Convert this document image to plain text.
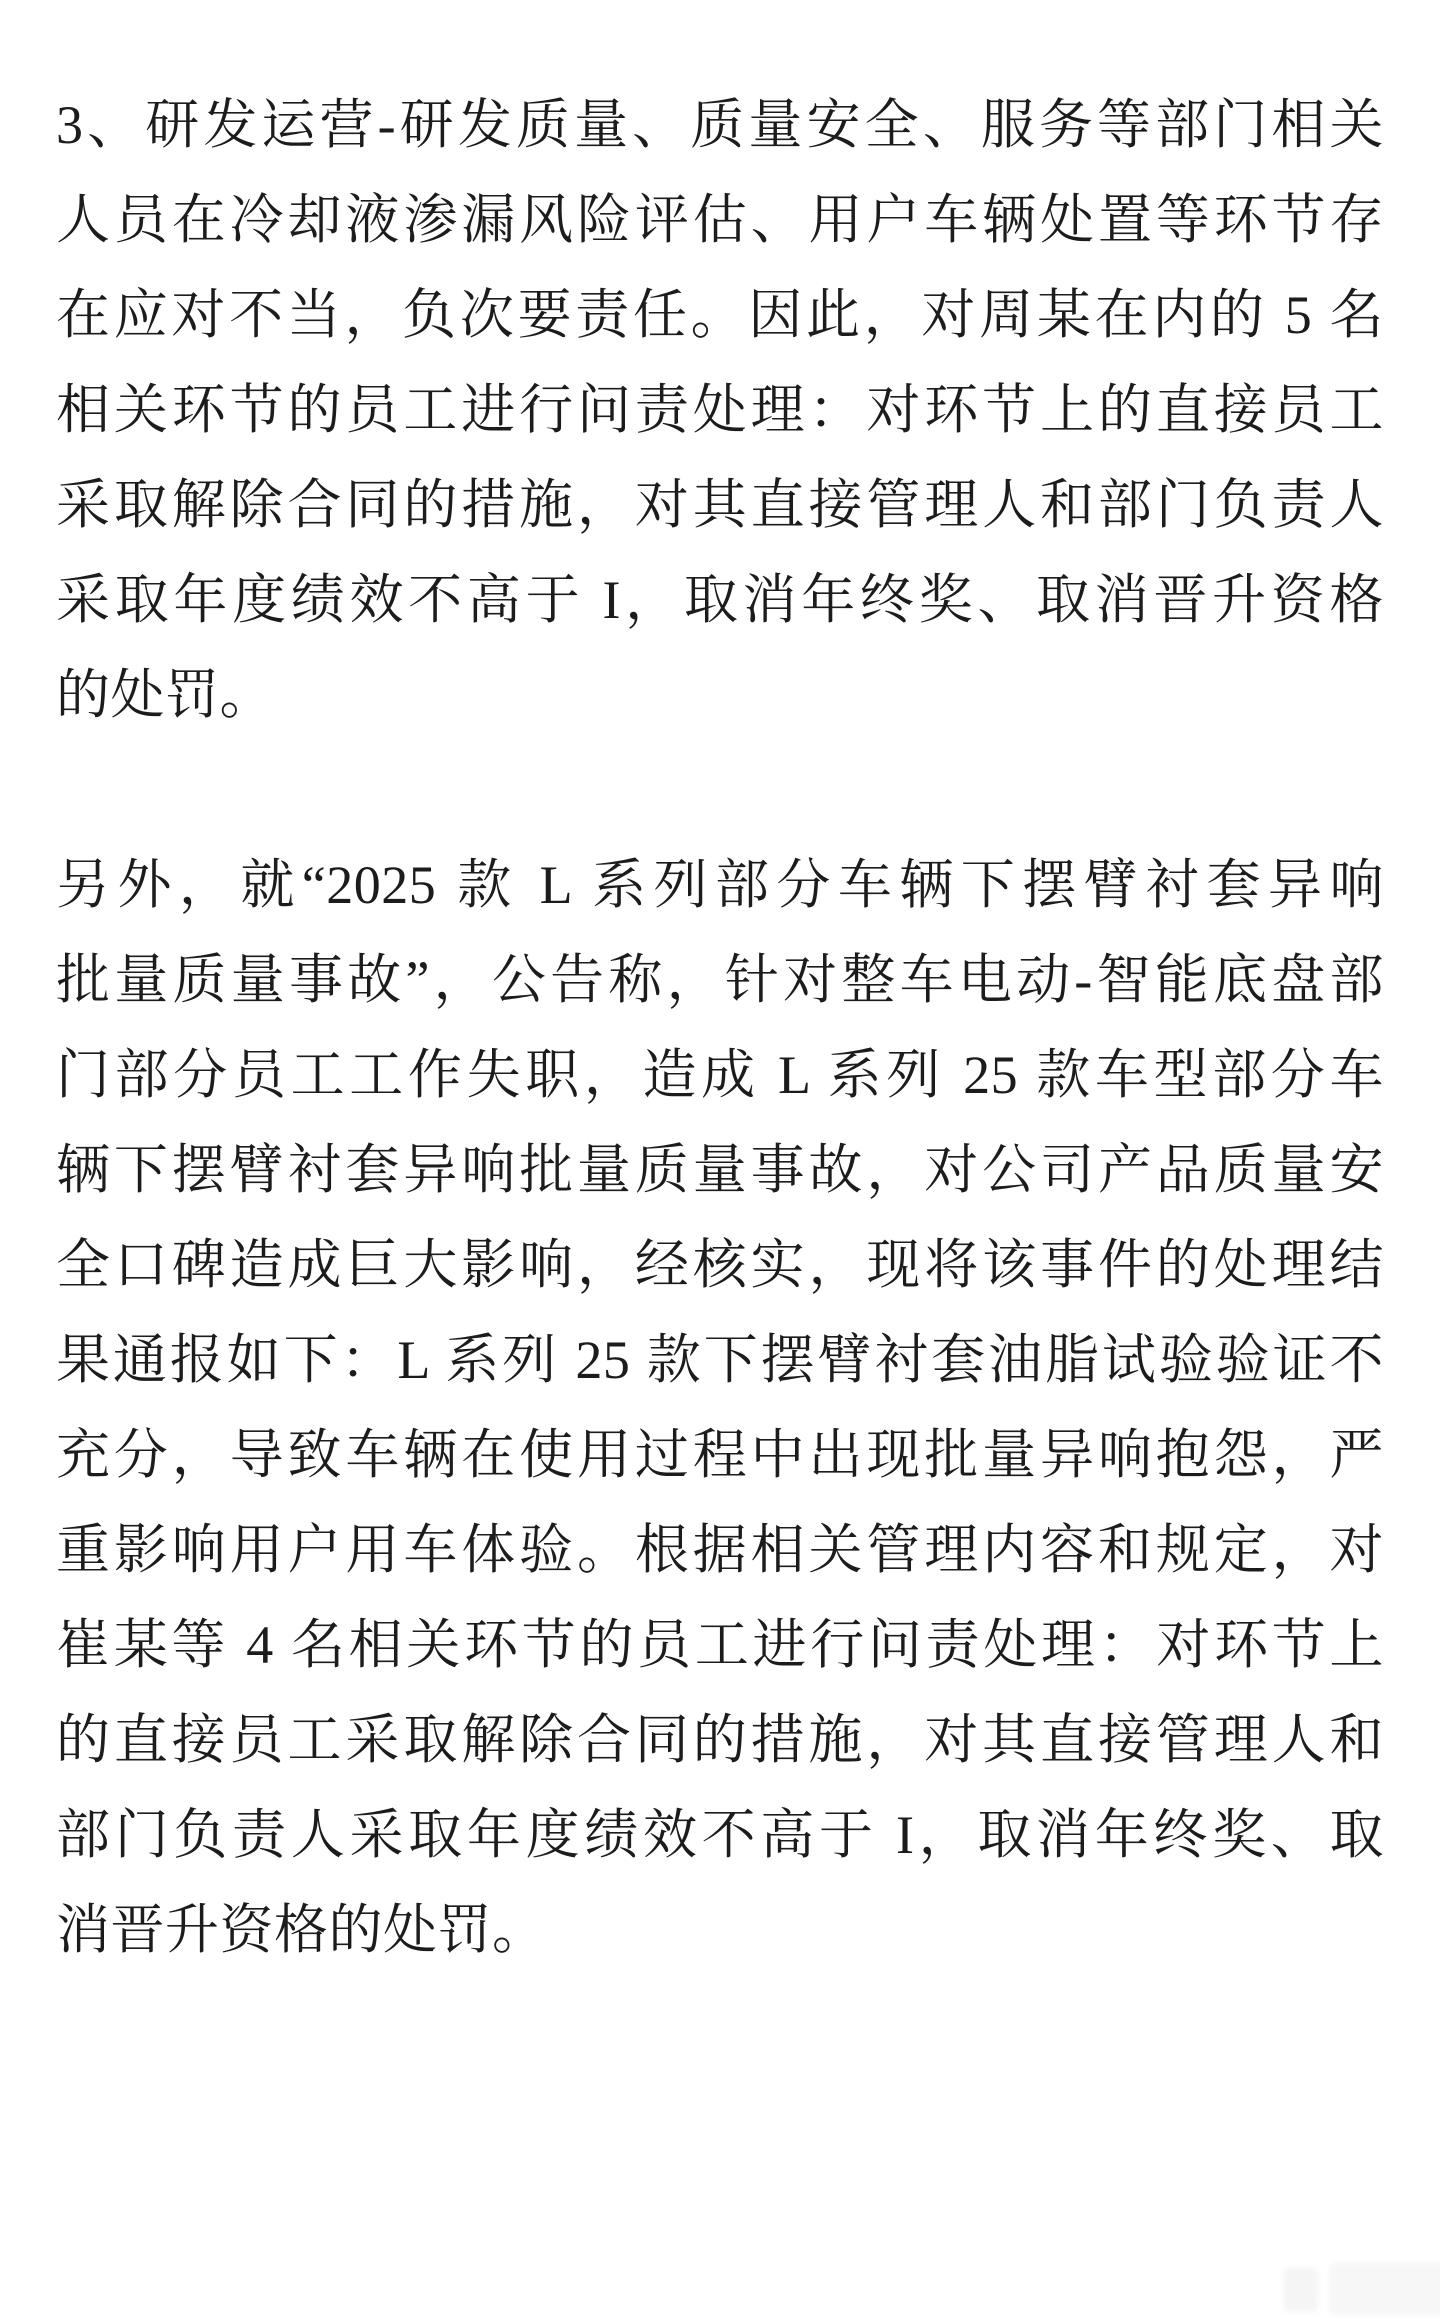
3、研发运营-研发质量、质量安全、服务等部门相关
人员在冷却液渗漏风险评估、用户车辆处置等环节存
在应对不当，负次要责任。因此，对周某在内的 5 名
相关环节的员工进行问责处理：对环节上的直接员工
采取解除合同的措施，对其直接管理人和部门负责人
采取年度绩效不高于 I，取消年终奖、取消晋升资格
的处罚。

另外，就“2025 款 L 系列部分车辆下摆臂衬套异响
批量质量事故”，公告称，针对整车电动-智能底盘部
门部分员工工作失职，造成 L 系列 25 款车型部分车
辆下摆臂衬套异响批量质量事故，对公司产品质量安
全口碑造成巨大影响，经核实，现将该事件的处理结
果通报如下：L 系列 25 款下摆臂衬套油脂试验验证不
充分，导致车辆在使用过程中出现批量异响抱怨，严
重影响用户用车体验。根据相关管理内容和规定，对
崔某等 4 名相关环节的员工进行问责处理：对环节上
的直接员工采取解除合同的措施，对其直接管理人和
部门负责人采取年度绩效不高于 I，取消年终奖、取
消晋升资格的处罚。
